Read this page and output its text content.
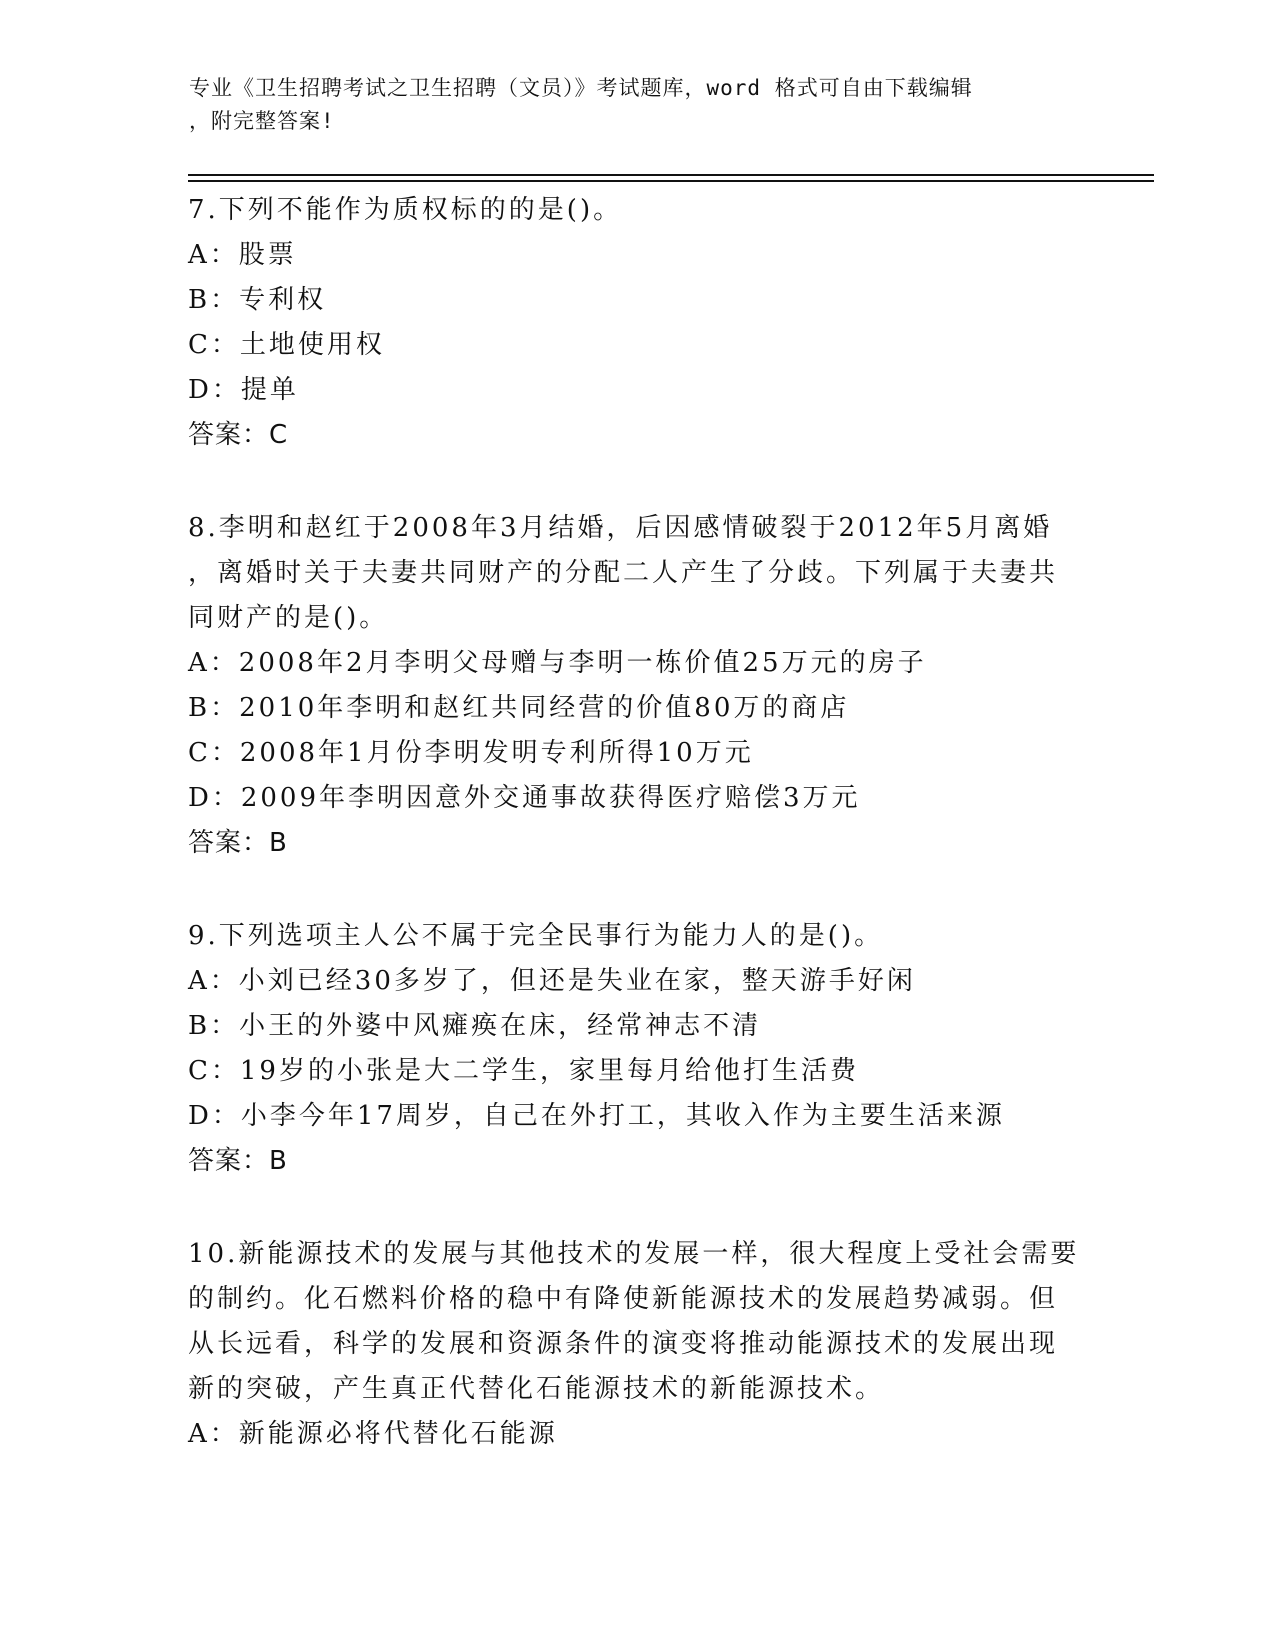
专业《卫生招聘考试之卫生招聘（文员）》考试题库，word 格式可自由下载编辑
，附完整答案!
7.下列不能作为质权标的的是()。
A：股票
B：专利权
C：土地使用权
D：提单
答案：C
8.李明和赵红于2008年3月结婚，后因感情破裂于2012年5月离婚
，离婚时关于夫妻共同财产的分配二人产生了分歧。下列属于夫妻共
同财产的是()。
A：2008年2月李明父母赠与李明一栋价值25万元的房子
B：2010年李明和赵红共同经营的价值80万的商店
C：2008年1月份李明发明专利所得10万元
D：2009年李明因意外交通事故获得医疗赔偿3万元
答案：B
9.下列选项主人公不属于完全民事行为能力人的是()。
A：小刘已经30多岁了，但还是失业在家，整天游手好闲
B：小王的外婆中风瘫痪在床，经常神志不清
C：19岁的小张是大二学生，家里每月给他打生活费
D：小李今年17周岁，自己在外打工，其收入作为主要生活来源
答案：B
10.新能源技术的发展与其他技术的发展一样，很大程度上受社会需要
的制约。化石燃料价格的稳中有降使新能源技术的发展趋势减弱。但
从长远看，科学的发展和资源条件的演变将推动能源技术的发展出现
新的突破，产生真正代替化石能源技术的新能源技术。
A：新能源必将代替化石能源
